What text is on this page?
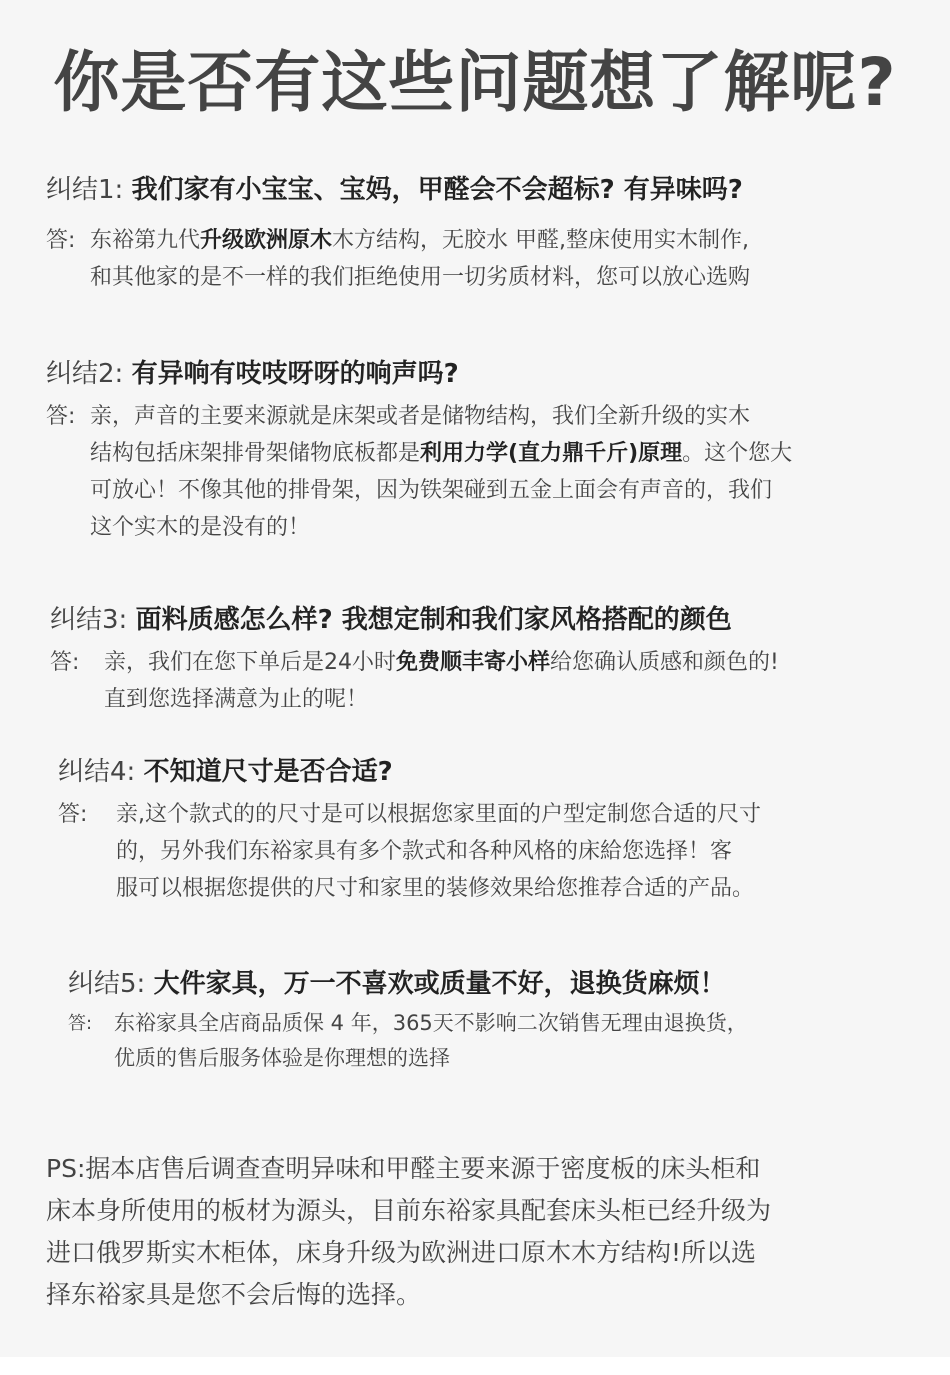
你是否有这些问题想了解呢?
纠结1: 我们家有小宝宝、宝妈，甲醛会不会超标? 有异味吗?
答: 东裕第九代升级欧洲原木木方结构，无胶水 甲醛,整床使用实木制作,
和其他家的是不一样的我们拒绝使用一切劣质材料，您可以放心选购
纠结2: 有异响有吱吱呀呀的响声吗?
答: 亲，声音的主要来源就是床架或者是储物结构，我们全新升级的实木
结构包括床架排骨架储物底板都是利用力学(直力鼎千斤)原理。这个您大
可放心！不像其他的排骨架，因为铁架碰到五金上面会有声音的，我们
这个实木的是没有的！
纠结3: 面料质感怎么样? 我想定制和我们家风格搭配的颜色
答: 亲，我们在您下单后是24小时免费顺丰寄小样给您确认质感和颜色的!
直到您选择满意为止的呢！
纠结4: 不知道尺寸是否合适?
答: 亲,这个款式的的尺寸是可以根据您家里面的户型定制您合适的尺寸
的，另外我们东裕家具有多个款式和各种风格的床給您选择！客
服可以根据您提供的尺寸和家里的装修效果给您推荐合适的产品。
纠结5: 大件家具，万一不喜欢或质量不好，退换货麻烦！
答: 东裕家具全店商品质保 4 年，365天不影响二次销售无理由退换货，
优质的售后服务体验是你理想的选择
PS:据本店售后调查查明异味和甲醛主要来源于密度板的床头柜和
床本身所使用的板材为源头，目前东裕家具配套床头柜已经升级为
进口俄罗斯实木柜体，床身升级为欧洲进口原木木方结构!所以选
择东裕家具是您不会后悔的选择。
